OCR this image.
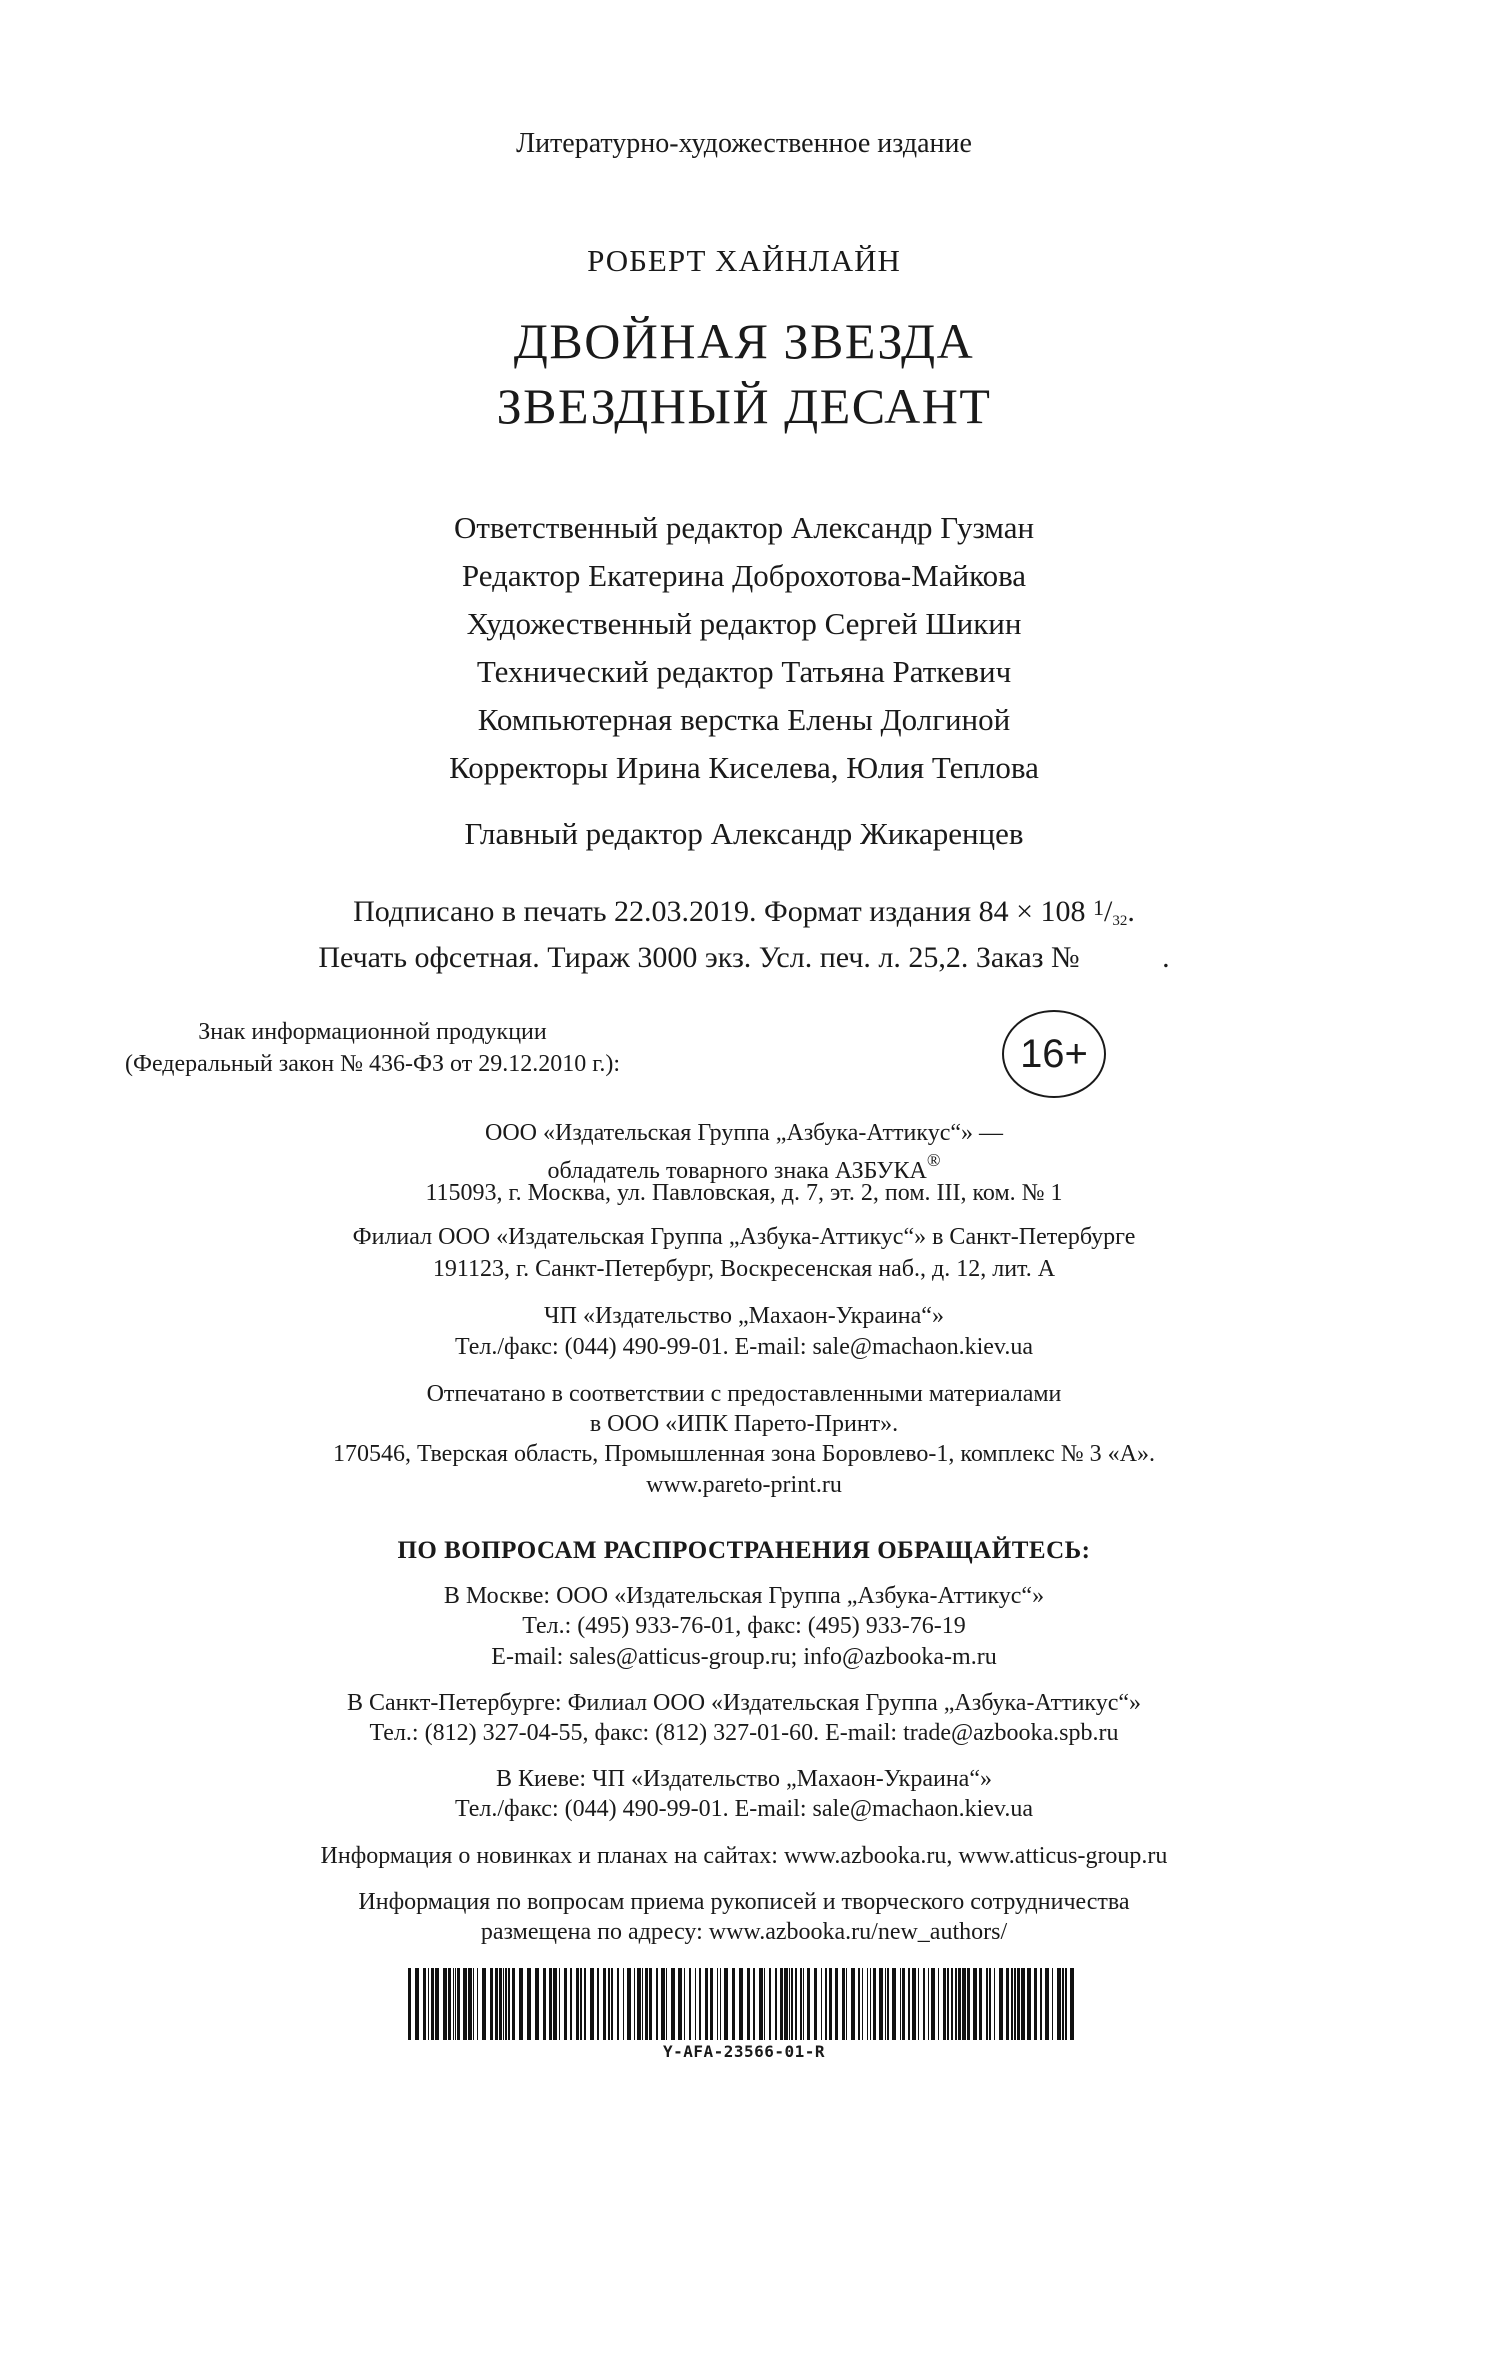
Литературно-художественное издание
РОБЕРТ ХАЙНЛАЙН
ДВОЙНАЯ ЗВЕЗДА
ЗВЕЗДНЫЙ ДЕСАНТ
Ответственный редактор Александр Гузман
Редактор Екатерина Доброхотова-Майкова
Художественный редактор Сергей Шикин
Технический редактор Татьяна Раткевич
Компьютерная верстка Елены Долгиной
Корректоры Ирина Киселева, Юлия Теплова
Главный редактор Александр Жикаренцев
Подписано в печать 22.03.2019. Формат издания 84 × 108 $^1$/32.
Печать офсетная. Тираж 3000 экз. Усл. печ. л. 25,2. Заказ №	.
Знак информационной продукции
(Федеральный закон № 436-ФЗ от 29.12.2010 г.):	16+
ООО «Издательская Группа „Азбука-Аттикус“» —
обладатель товарного знака АЗБУКА®
115093, г. Москва, ул. Павловская, д. 7, эт. 2, пом. III, ком. № 1
Филиал ООО «Издательская Группа „Азбука-Аттикус“» в Санкт-Петербурге
191123, г. Санкт-Петербург, Воскресенская наб., д. 12, лит. А
ЧП «Издательство „Махаон-Украина“»
Тел./факс: (044) 490-99-01. E-mail: sale@machaon.kiev.ua
Отпечатано в соответствии с предоставленными материалами
в ООО «ИПК Парето-Принт».
170546, Тверская область, Промышленная зона Боровлево-1, комплекс № 3 «А».
www.pareto-print.ru
ПО ВОПРОСАМ РАСПРОСТРАНЕНИЯ ОБРАЩАЙТЕСЬ:
В Москве: ООО «Издательская Группа „Азбука-Аттикус“»
Тел.: (495) 933-76-01, факс: (495) 933-76-19
E-mail: sales@atticus-group.ru; info@azbooka-m.ru
В Санкт-Петербурге: Филиал ООО «Издательская Группа „Азбука-Аттикус“»
Тел.: (812) 327-04-55, факс: (812) 327-01-60. E-mail: trade@azbooka.spb.ru
В Киеве: ЧП «Издательство „Махаон-Украина“»
Тел./факс: (044) 490-99-01. E-mail: sale@machaon.kiev.ua
Информация о новинках и планах на сайтах: www.azbooka.ru, www.atticus-group.ru
Информация по вопросам приема рукописей и творческого сотрудничества
размещена по адресу: www.azbooka.ru/new_authors/
Y-AFA-23566-01-R
